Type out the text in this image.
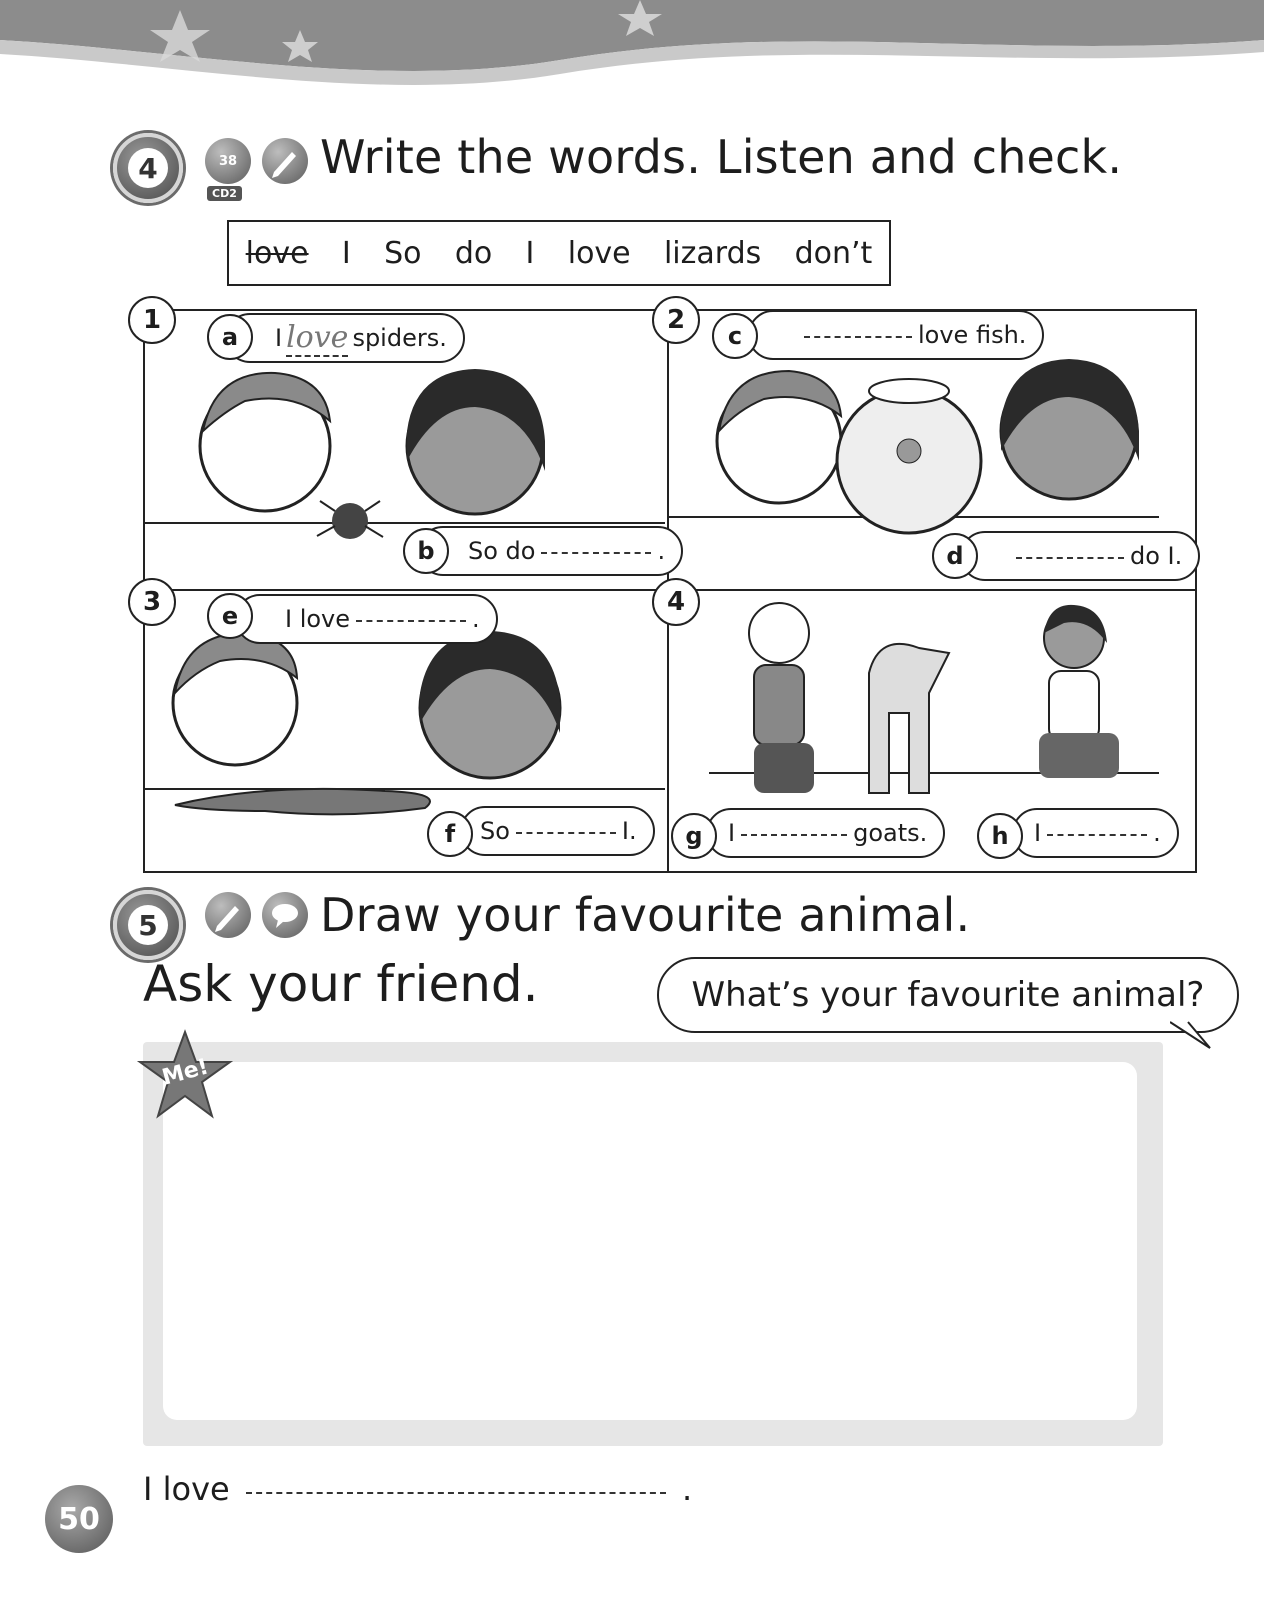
4	38
CD2
Write the words. Listen and check.
love I So do I love lizards don’t
1	2
3	4
I love spiders.
a
So do	.
b
love fish.
c
do I.
d
I love	.
e
So	I.
f	I	goats.
g	I	.
h
5	Draw your favourite animal.
Ask your friend.	What’s your favourite animal?
Me!
I love	.
50
